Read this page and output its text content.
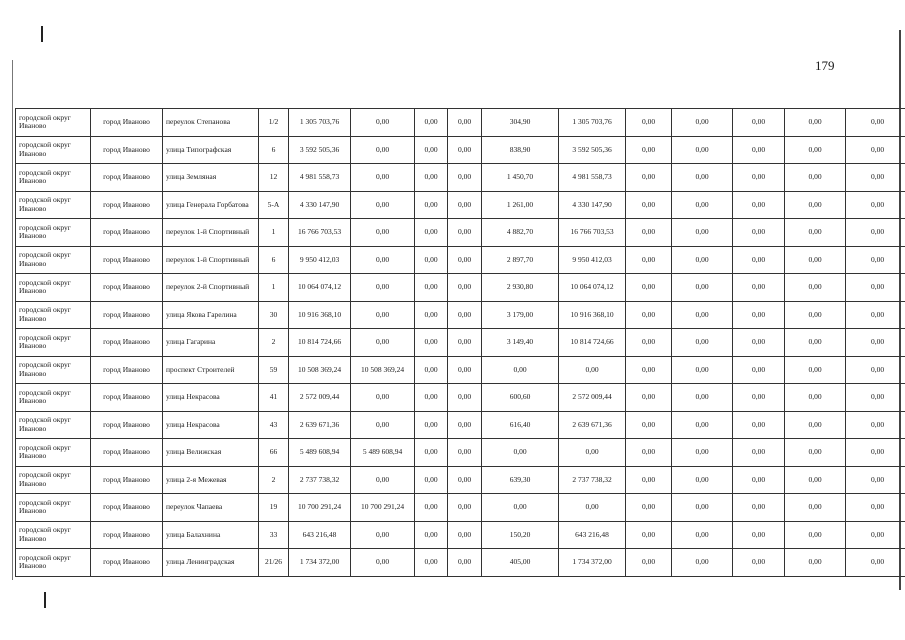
179
городской округ Иваново	город Иваново	переулок Степанова	1/2	1 305 703,76	0,00	0,00	0,00	304,90	1 305 703,76	0,00	0,00	0,00	0,00	0,00
городской округ Иваново	город Иваново	улица Типографская	6	3 592 505,36	0,00	0,00	0,00	838,90	3 592 505,36	0,00	0,00	0,00	0,00	0,00
городской округ Иваново	город Иваново	улица Земляная	12	4 981 558,73	0,00	0,00	0,00	1 450,70	4 981 558,73	0,00	0,00	0,00	0,00	0,00
городской округ Иваново	город Иваново	улица Генерала Горбатова	5-А	4 330 147,90	0,00	0,00	0,00	1 261,00	4 330 147,90	0,00	0,00	0,00	0,00	0,00
городской округ Иваново	город Иваново	переулок 1-й Спортивный	1	16 766 703,53	0,00	0,00	0,00	4 882,70	16 766 703,53	0,00	0,00	0,00	0,00	0,00
городской округ Иваново	город Иваново	переулок 1-й Спортивный	6	9 950 412,03	0,00	0,00	0,00	2 897,70	9 950 412,03	0,00	0,00	0,00	0,00	0,00
городской округ Иваново	город Иваново	переулок 2-й Спортивный	1	10 064 074,12	0,00	0,00	0,00	2 930,80	10 064 074,12	0,00	0,00	0,00	0,00	0,00
городской округ Иваново	город Иваново	улица Якова Гарелина	30	10 916 368,10	0,00	0,00	0,00	3 179,00	10 916 368,10	0,00	0,00	0,00	0,00	0,00
городской округ Иваново	город Иваново	улица Гагарина	2	10 814 724,66	0,00	0,00	0,00	3 149,40	10 814 724,66	0,00	0,00	0,00	0,00	0,00
городской округ Иваново	город Иваново	проспект Строителей	59	10 508 369,24	10 508 369,24	0,00	0,00	0,00	0,00	0,00	0,00	0,00	0,00	0,00
городской округ Иваново	город Иваново	улица Некрасова	41	2 572 009,44	0,00	0,00	0,00	600,60	2 572 009,44	0,00	0,00	0,00	0,00	0,00
городской округ Иваново	город Иваново	улица Некрасова	43	2 639 671,36	0,00	0,00	0,00	616,40	2 639 671,36	0,00	0,00	0,00	0,00	0,00
городской округ Иваново	город Иваново	улица Велижская	66	5 489 608,94	5 489 608,94	0,00	0,00	0,00	0,00	0,00	0,00	0,00	0,00	0,00
городской округ Иваново	город Иваново	улица 2-я Межевая	2	2 737 738,32	0,00	0,00	0,00	639,30	2 737 738,32	0,00	0,00	0,00	0,00	0,00
городской округ Иваново	город Иваново	переулок Чапаева	19	10 700 291,24	10 700 291,24	0,00	0,00	0,00	0,00	0,00	0,00	0,00	0,00	0,00
городской округ Иваново	город Иваново	улица Балахнина	33	643 216,48	0,00	0,00	0,00	150,20	643 216,48	0,00	0,00	0,00	0,00	0,00
городской округ Иваново	город Иваново	улица Ленинградская	21/26	1 734 372,00	0,00	0,00	0,00	405,00	1 734 372,00	0,00	0,00	0,00	0,00	0,00
